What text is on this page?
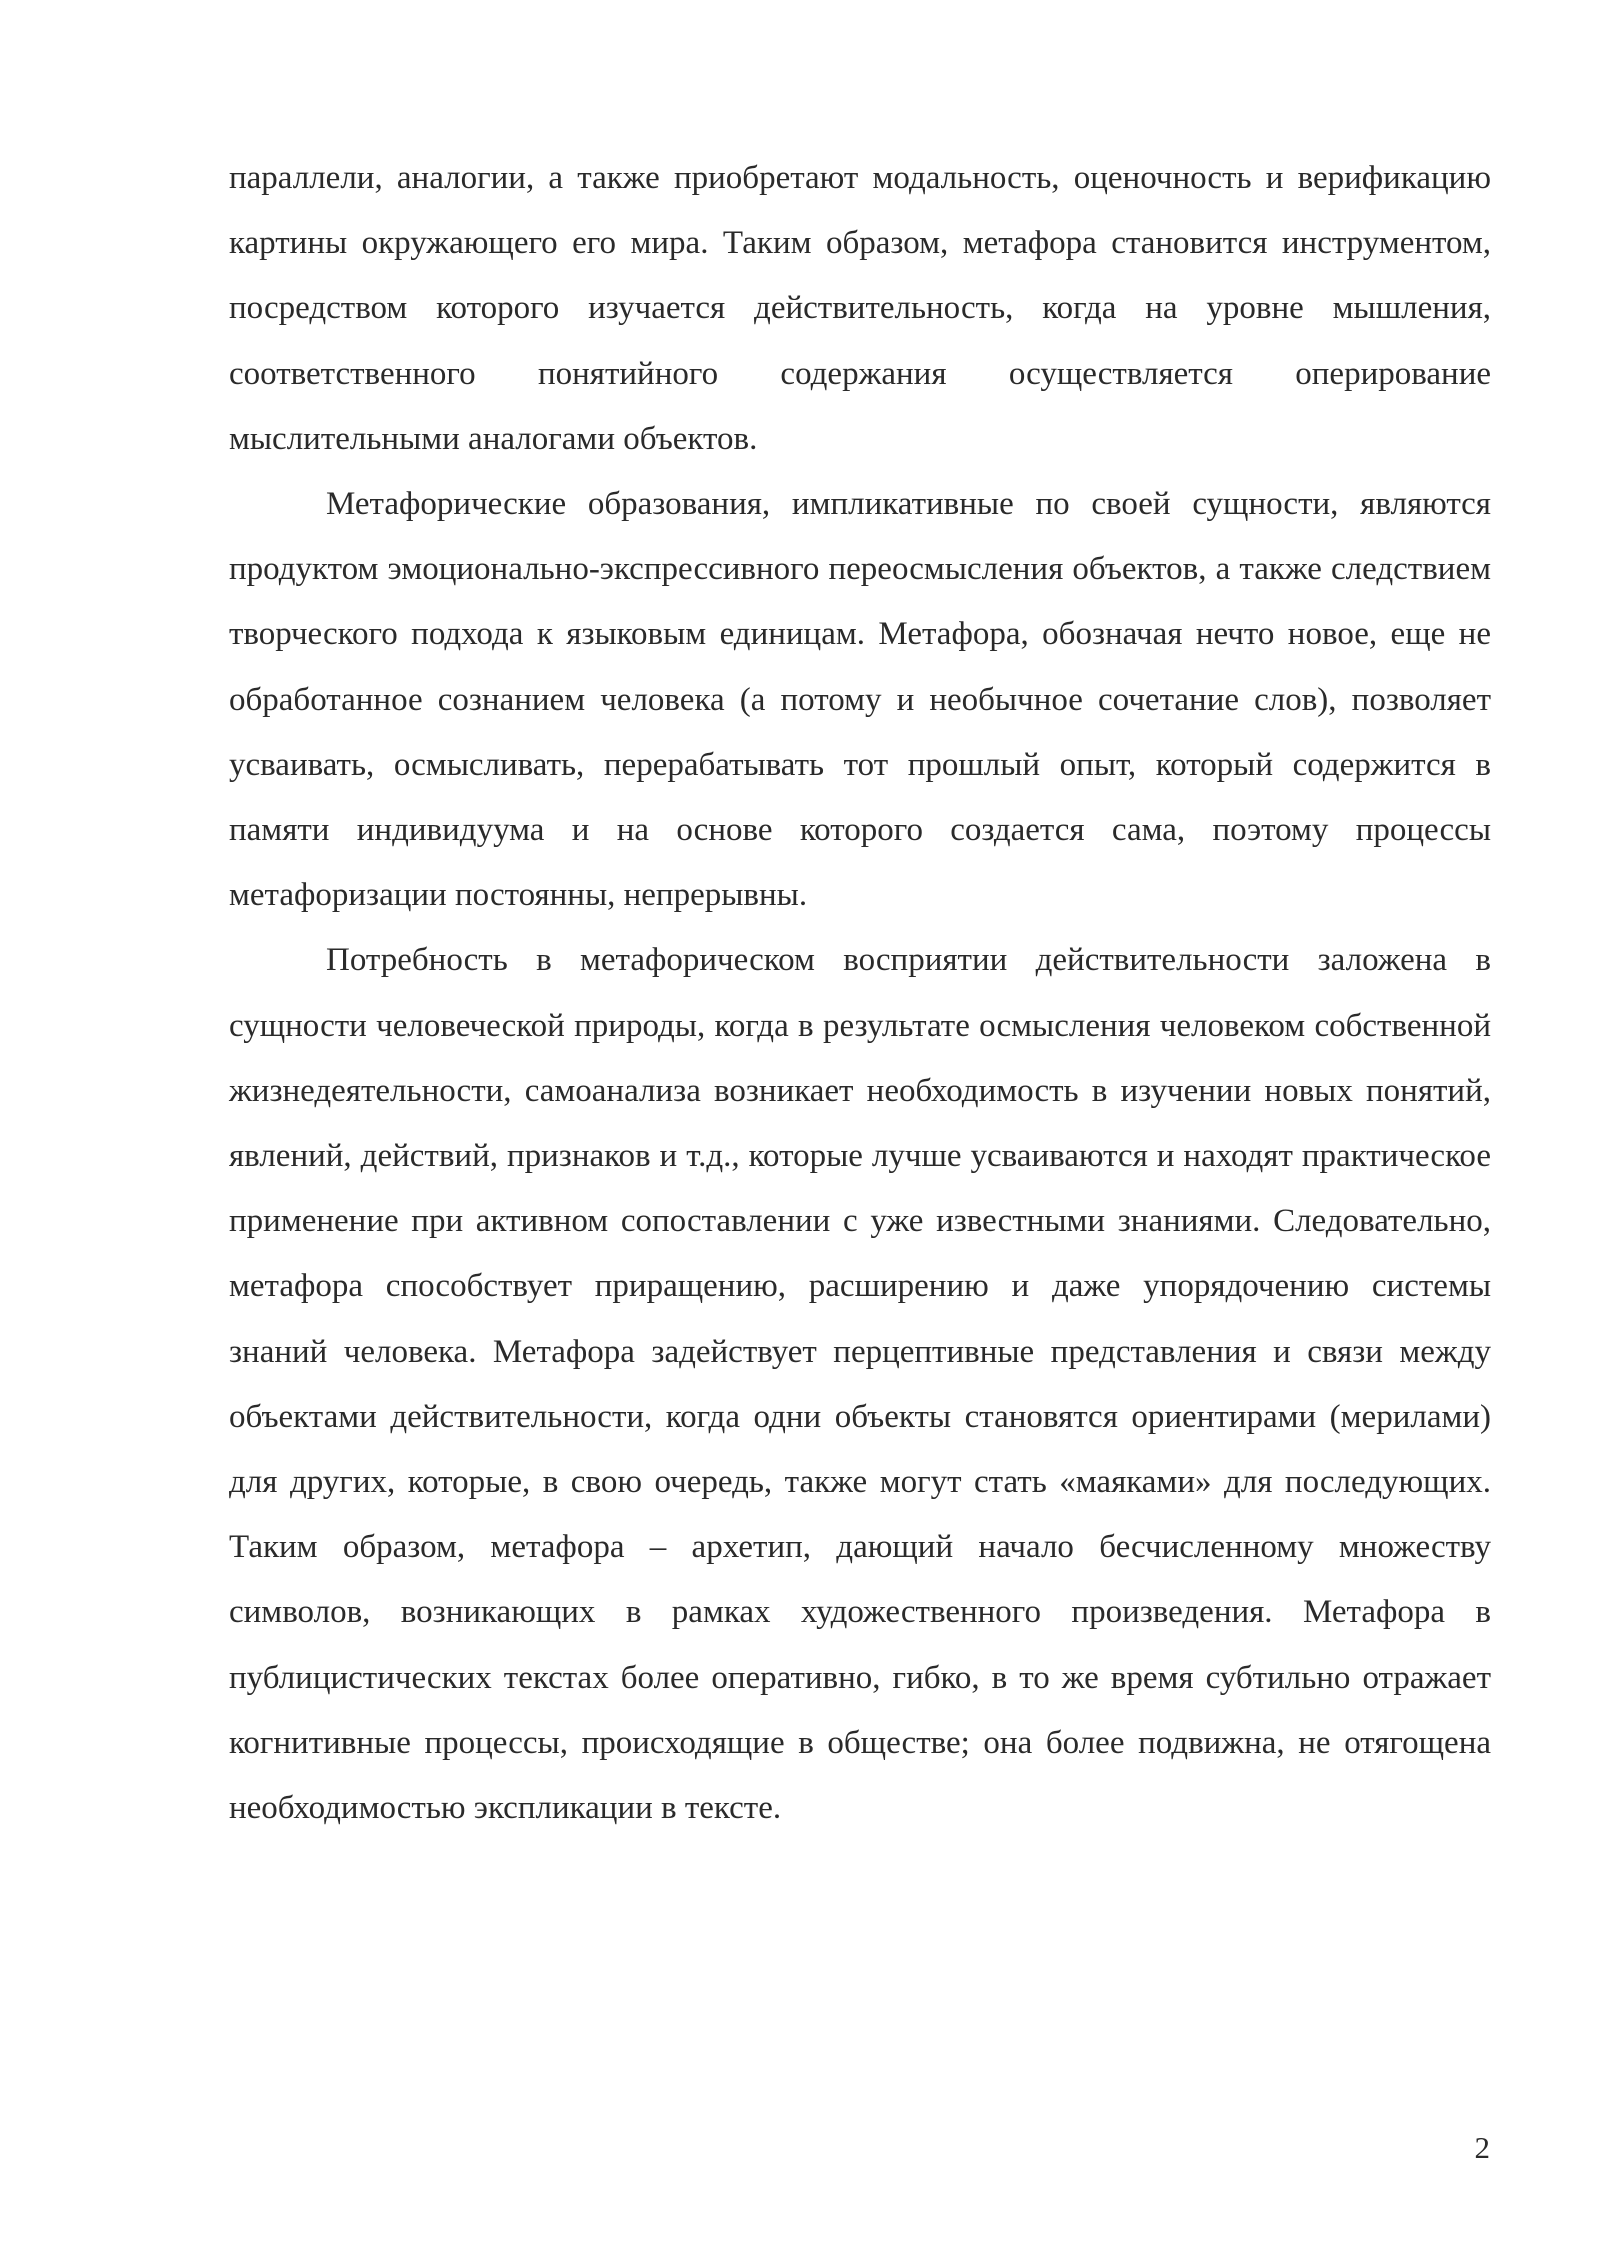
параллели, аналогии, а также приобретают модальность, оценочность и верификацию картины окружающего его мира. Таким образом, метафора становится инструментом, посредством которого изучается действительность, когда на уровне мышления, соответственного понятийного содержания осуществляется оперирование мыслительными аналогами объектов.

Метафорические образования, импликативные по своей сущности, являются продуктом эмоционально-экспрессивного переосмысления объектов, а также следствием творческого подхода к языковым единицам. Метафора, обозначая нечто новое, еще не обработанное сознанием человека (а потому и необычное сочетание слов), позволяет усваивать, осмысливать, перерабатывать тот прошлый опыт, который содержится в памяти индивидуума и на основе которого создается сама, поэтому процессы метафоризации постоянны, непрерывны.

Потребность в метафорическом восприятии действительности заложена в сущности человеческой природы, когда в результате осмысления человеком собственной жизнедеятельности, самоанализа возникает необходимость в изучении новых понятий, явлений, действий, признаков и т.д., которые лучше усваиваются и находят практическое применение при активном сопоставлении с уже известными знаниями. Следовательно, метафора способствует приращению, расширению и даже упорядочению системы знаний человека. Метафора задействует перцептивные представления и связи между объектами действительности, когда одни объекты становятся ориентирами (мерилами) для других, которые, в свою очередь, также могут стать «маяками» для последующих. Таким образом, метафора – архетип, дающий начало бесчисленному множеству символов, возникающих в рамках художественного произведения. Метафора в публицистических текстах более оперативно, гибко, в то же время субтильно отражает когнитивные процессы, происходящие в обществе; она более подвижна, не отягощена необходимостью экспликации в тексте.

2
